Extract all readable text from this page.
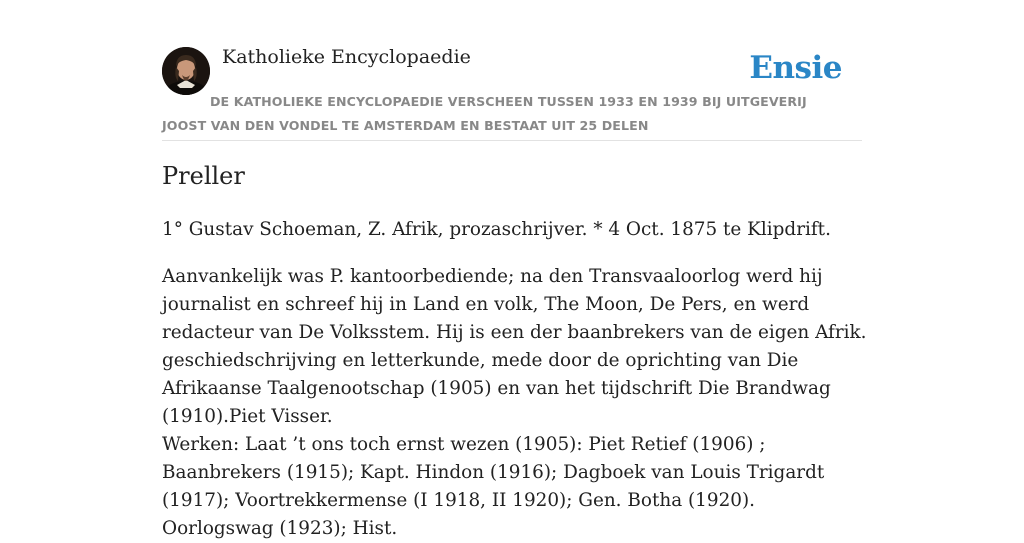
Katholieke Encyclopaedie	Ensie
DE KATHOLIEKE ENCYCLOPAEDIE VERSCHEEN TUSSEN 1933 EN 1939 BIJ UITGEVERIJ JOOST VAN DEN VONDEL TE AMSTERDAM EN BESTAAT UIT 25 DELEN
Preller

1° Gustav Schoeman, Z. Afrik, prozaschrijver. * 4 Oct. 1875 te Klipdrift.

Aanvankelijk was P. kantoorbediende; na den Transvaaloorlog werd hij journalist en schreef hij in Land en volk, The Moon, De Pers, en werd redacteur van De Volksstem. Hij is een der baanbrekers van de eigen Afrik. geschiedschrijving en letterkunde, mede door de oprichting van Die Afrikaanse Taalgenootschap (1905) en van het tijdschrift Die Brandwag (1910).Piet Visser.

Werken: Laat ’t ons toch ernst wezen (1905): Piet Retief (1906) ; Baanbrekers (1915); Kapt. Hindon (1916); Dagboek van Louis Trigardt (1917); Voortrekkermense (I 1918, II 1920); Gen. Botha (1920). Oorlogswag (1923); Hist.
